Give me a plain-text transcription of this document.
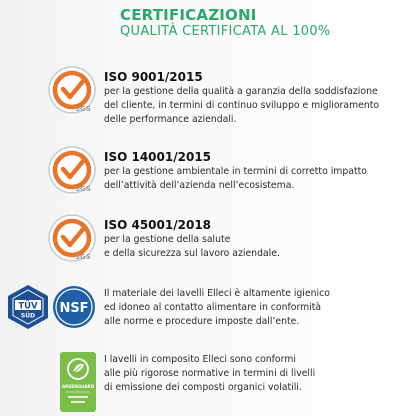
CERTIFICAZIONI
QUALITÀ CERTIFICATA AL 100%
SGS
ISO 9001/2015
per la gestione della qualità a garanzia della soddisfazione
del cliente, in termini di continuo sviluppo e miglioramento
delle performance aziendali.
SGS
ISO 14001/2015
per la gestione ambientale in termini di corretto impatto
dell’attività dell’azienda nell’ecosistema.
SGS
ISO 45001/2018
per la gestione della salute
e della sicurezza sul lavoro aziendale.
TÜV
SÜD NSF
Il materiale dei lavelli Elleci è altamente igienico
ed idoneo al contatto alimentare in conformità
alle norme e procedure imposte dall’ente.
GREENGUARD
I lavelli in composito Elleci sono conformi
alle più rigorose normative in termini di livelli
di emissione dei composti organici volatili.
